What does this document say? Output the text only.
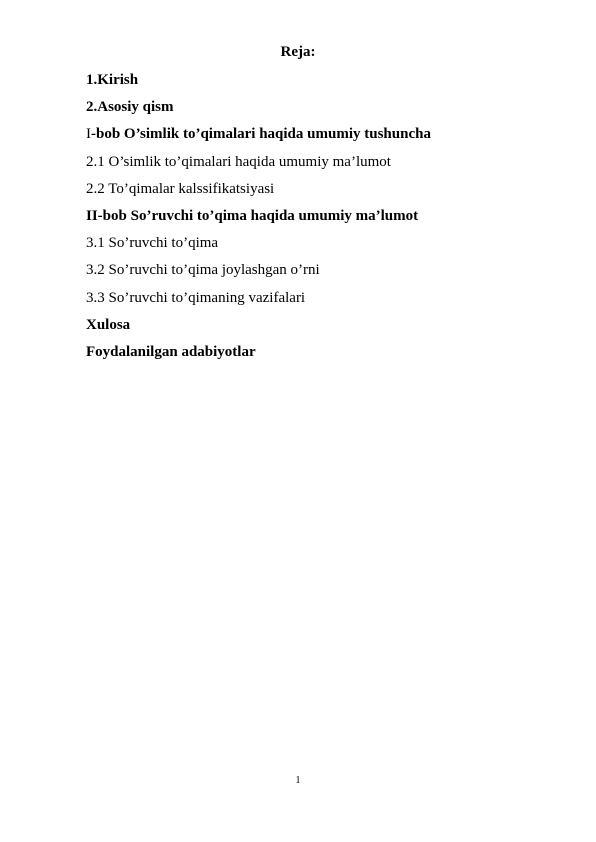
Reja:
1.Kirish
2.Asosiy qism
I-bob O’simlik to’qimalari haqida umumiy tushuncha
2.1 O’simlik to’qimalari haqida umumiy ma’lumot
2.2 To’qimalar kalssifikatsiyasi
II-bob So’ruvchi to’qima haqida umumiy ma’lumot
3.1 So’ruvchi to’qima
3.2 So’ruvchi to’qima joylashgan o’rni
3.3 So’ruvchi to’qimaning vazifalari
Xulosa
Foydalanilgan adabiyotlar
1
